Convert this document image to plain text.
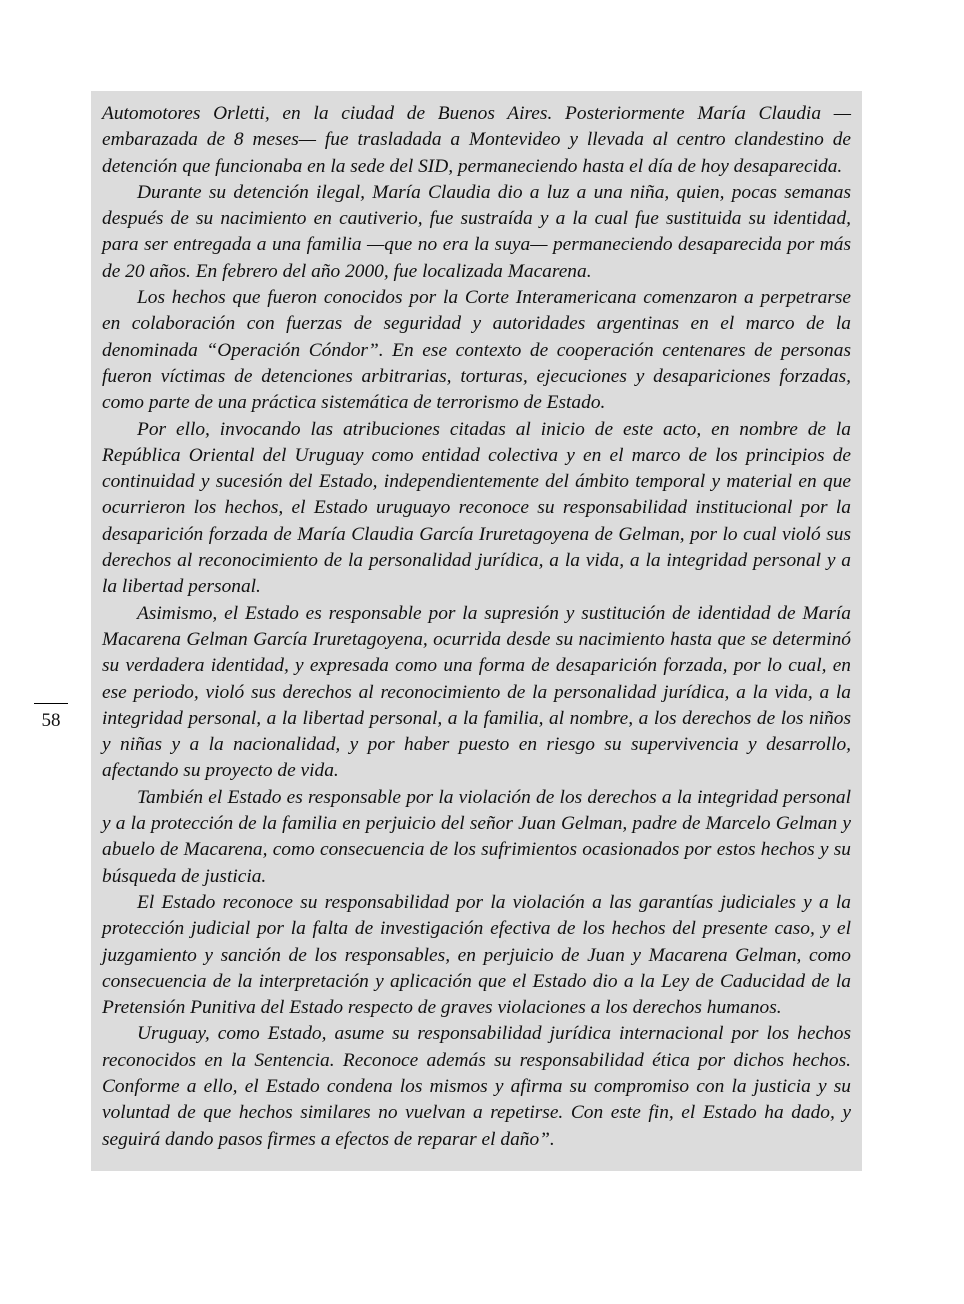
58

Automotores Orletti, en la ciudad de Buenos Aires. Posteriormente María Claudia —embarazada de 8 meses— fue trasladada a Montevideo y llevada al centro clandestino de detención que funcionaba en la sede del SID, permaneciendo hasta el día de hoy desaparecida.

Durante su detención ilegal, María Claudia dio a luz a una niña, quien, pocas semanas después de su nacimiento en cautiverio, fue sustraída y a la cual fue sustituida su identidad, para ser entregada a una familia —que no era la suya— permaneciendo desaparecida por más de 20 años. En febrero del año 2000, fue localizada Macarena.

Los hechos que fueron conocidos por la Corte Interamericana comenzaron a perpetrarse en colaboración con fuerzas de seguridad y autoridades argentinas en el marco de la denominada “Operación Cóndor”. En ese contexto de cooperación centenares de personas fueron víctimas de detenciones arbitrarias, torturas, ejecuciones y desapariciones forzadas, como parte de una práctica sistemática de terrorismo de Estado.

Por ello, invocando las atribuciones citadas al inicio de este acto, en nombre de la República Oriental del Uruguay como entidad colectiva y en el marco de los principios de continuidad y sucesión del Estado, independientemente del ámbito temporal y material en que ocurrieron los hechos, el Estado uruguayo reconoce su responsabilidad institucional por la desaparición forzada de María Claudia García Iruretagoyena de Gelman, por lo cual violó sus derechos al reconocimiento de la personalidad jurídica, a la vida, a la integridad personal y a la libertad personal.

Asimismo, el Estado es responsable por la supresión y sustitución de identidad de María Macarena Gelman García Iruretagoyena, ocurrida desde su nacimiento hasta que se determinó su verdadera identidad, y expresada como una forma de desaparición forzada, por lo cual, en ese periodo, violó sus derechos al reconocimiento de la personalidad jurídica, a la vida, a la integridad personal, a la libertad personal, a la familia, al nombre, a los derechos de los niños y niñas y a la nacionalidad, y por haber puesto en riesgo su supervivencia y desarrollo, afectando su proyecto de vida.

También el Estado es responsable por la violación de los derechos a la integridad personal y a la protección de la familia en perjuicio del señor Juan Gelman, padre de Marcelo Gelman y abuelo de Macarena, como consecuencia de los sufrimientos ocasionados por estos hechos y su búsqueda de justicia.

El Estado reconoce su responsabilidad por la violación a las garantías judiciales y a la protección judicial por la falta de investigación efectiva de los hechos del presente caso, y el juzgamiento y sanción de los responsables, en perjuicio de Juan y Macarena Gelman, como consecuencia de la interpretación y aplicación que el Estado dio a la Ley de Caducidad de la Pretensión Punitiva del Estado respecto de graves violaciones a los derechos humanos.

Uruguay, como Estado, asume su responsabilidad jurídica internacional por los hechos reconocidos en la Sentencia. Reconoce además su responsabilidad ética por dichos hechos. Conforme a ello, el Estado condena los mismos y afirma su compromiso con la justicia y su voluntad de que hechos similares no vuelvan a repetirse. Con este fin, el Estado ha dado, y seguirá dando pasos firmes a efectos de reparar el daño”.
